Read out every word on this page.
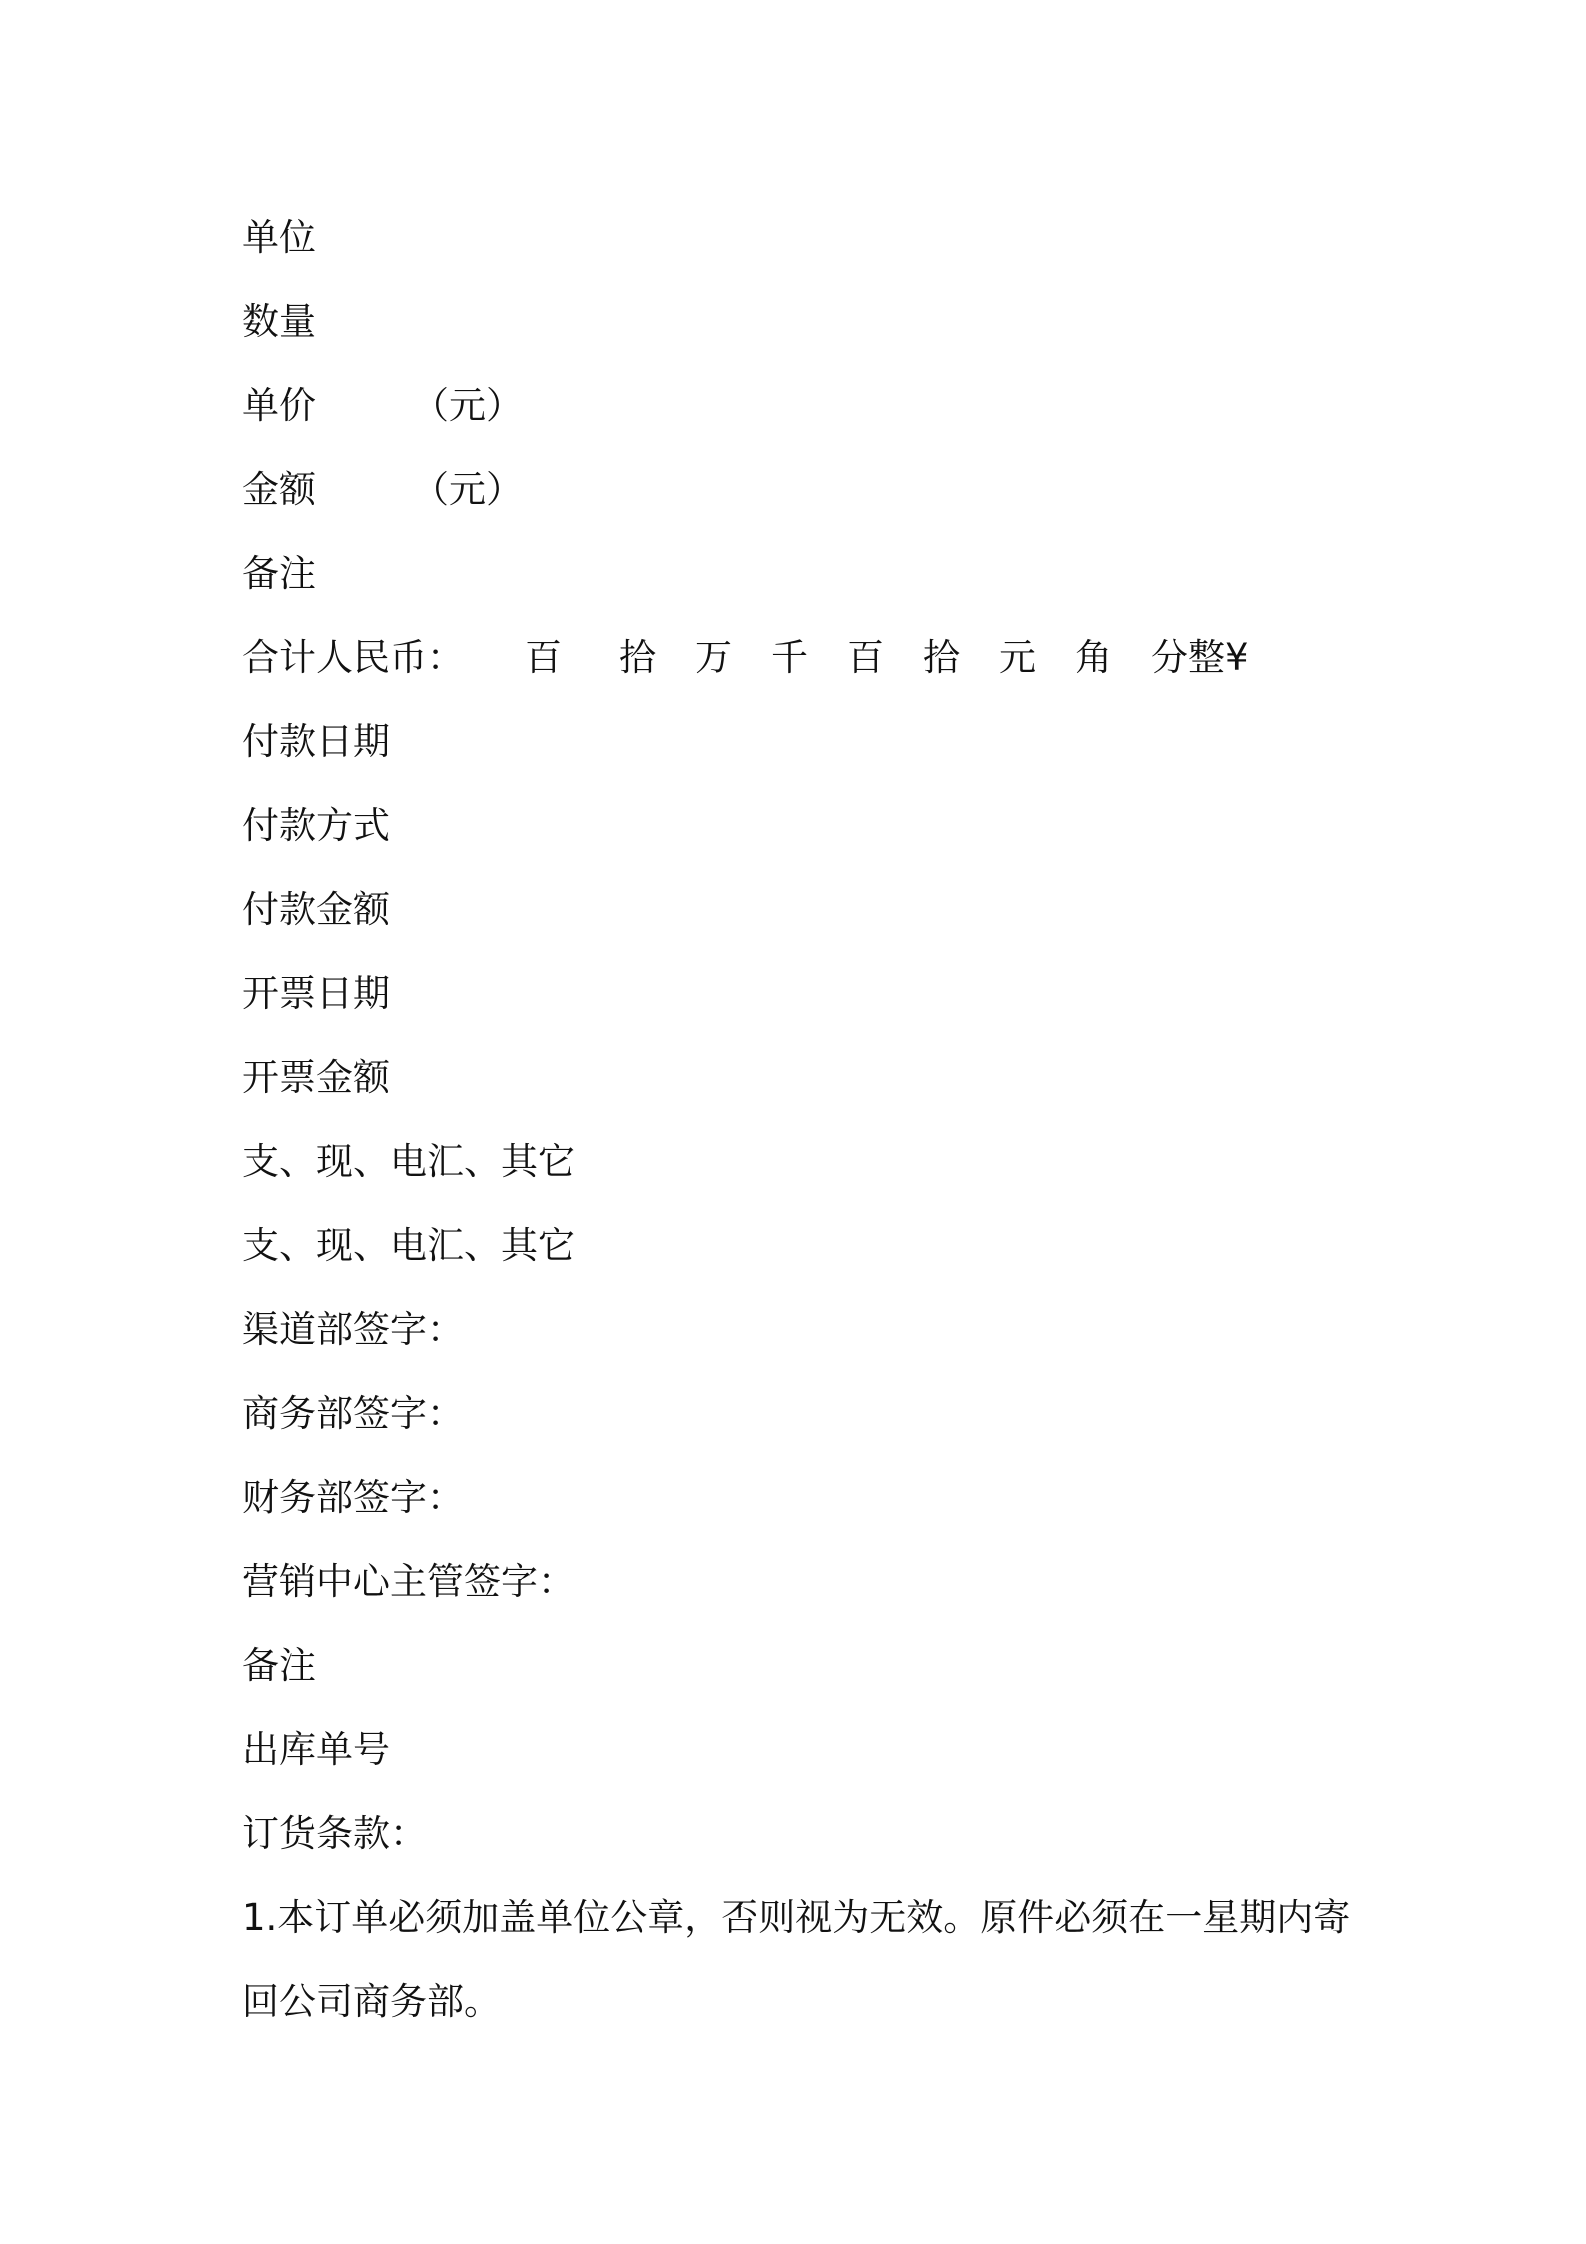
单位
数量
单价	（元）
金额	（元）
备注
合计人民币：	百	拾	万	千	百	拾	元	角	分整 ¥
付款日期
付款方式
付款金额
开票日期
开票金额
支、现、电汇、其它
支、现、电汇、其它
渠道部签字：
商务部签字：
财务部签字：
营销中心主管签字：
备注
出库单号
订货条款：
1.本订单必须加盖单位公章，否则视为无效。原件必须在一星期内寄
回公司商务部。
